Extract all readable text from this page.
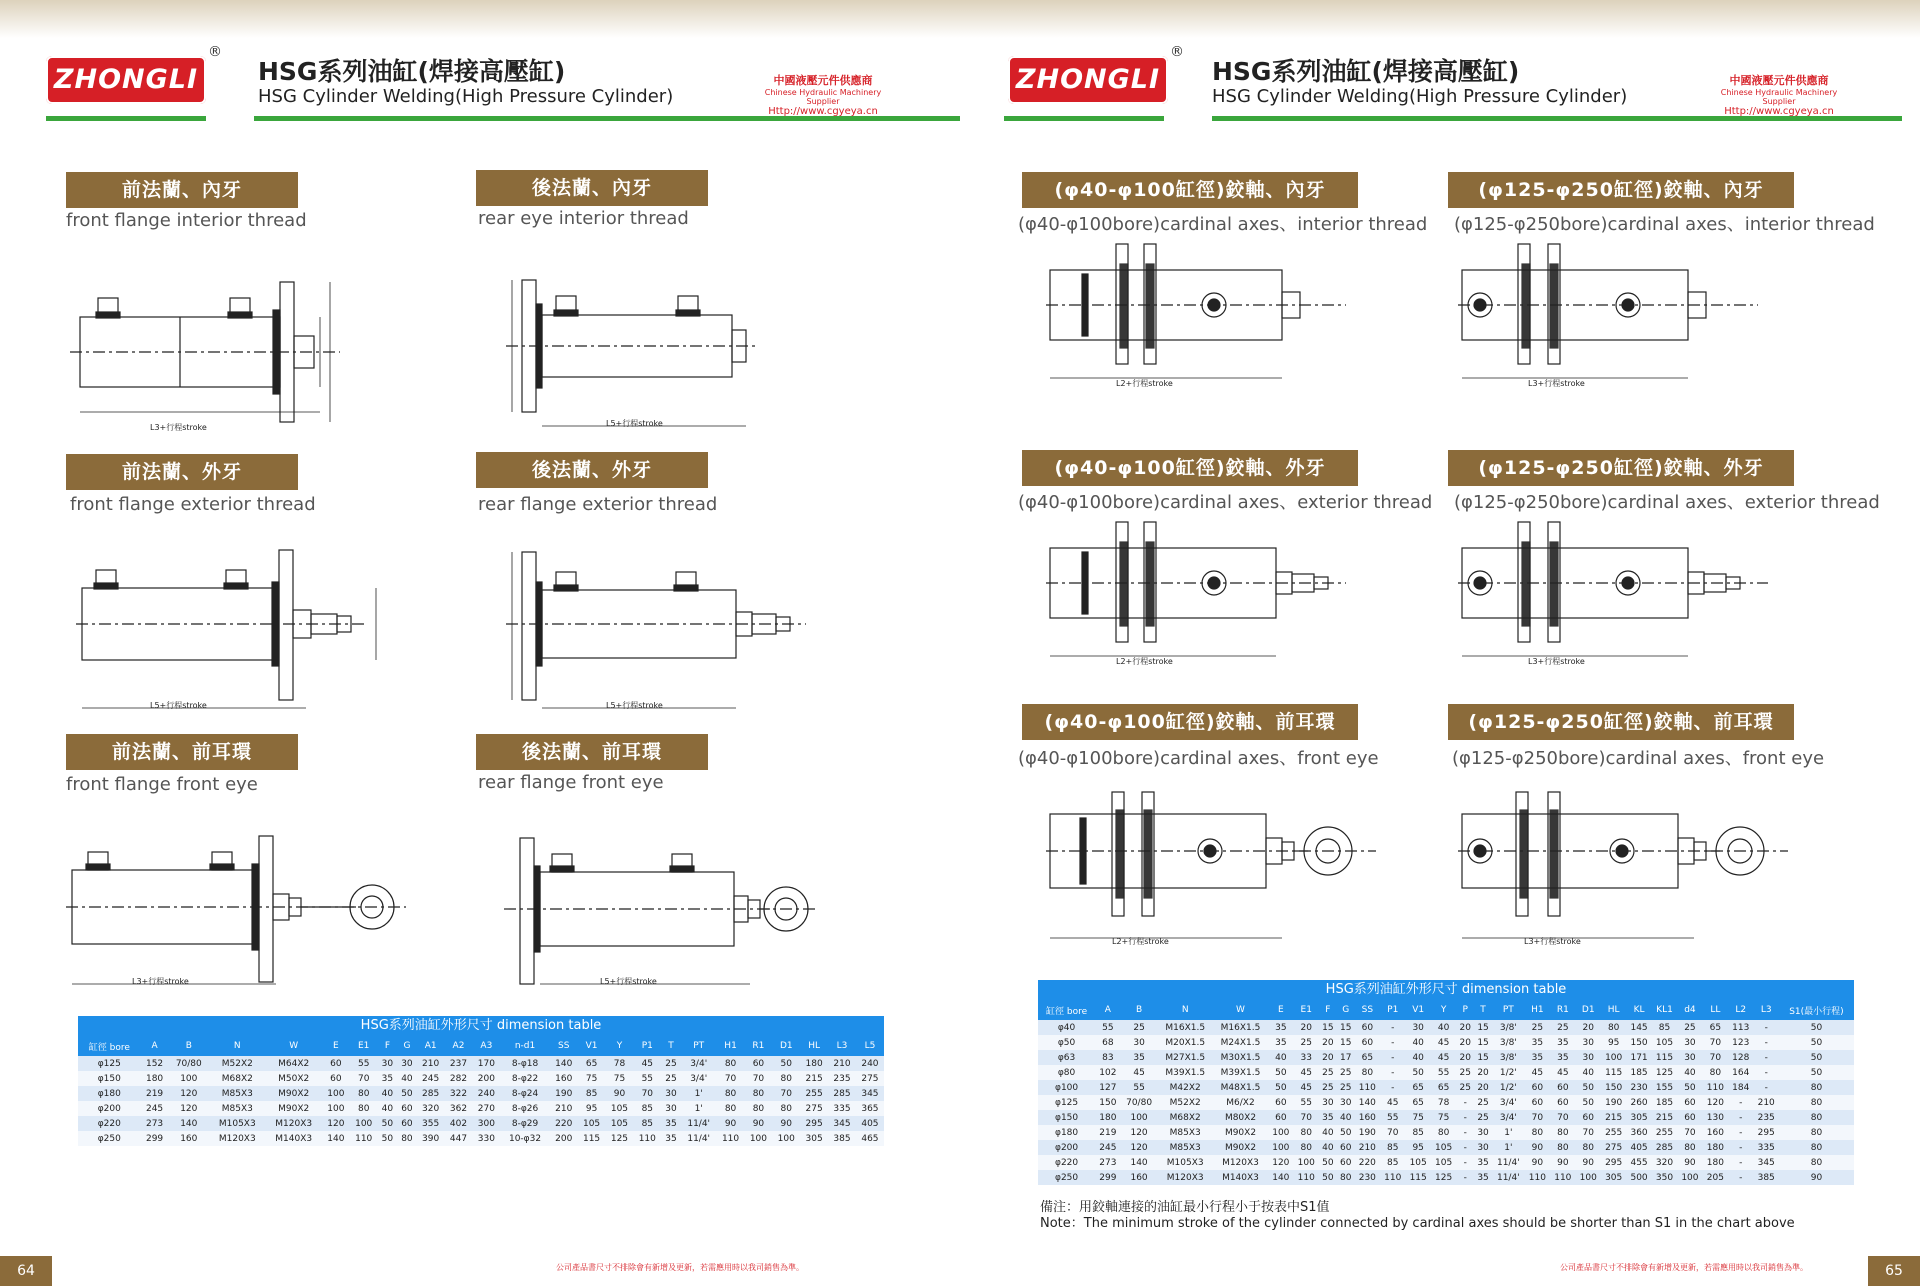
ZHONGLI
®
HSG系列油缸(焊接高壓缸)
HSG Cylinder Welding(High Pressure Cylinder)
中國液壓元件供應商
Chinese Hydraulic Machinery Supplier
Http://www.cgyeya.cn
前法蘭、內牙
front flange interior thread
L3+行程stroke
後法蘭、內牙
rear eye interior thread
L5+行程stroke
前法蘭、外牙
front flange exterior thread
L5+行程stroke
後法蘭、外牙
rear flange exterior thread
L5+行程stroke
前法蘭、前耳環
front flange front eye
L3+行程stroke
後法蘭、前耳環
rear flange front eye
L5+行程stroke
HSG系列油缸外形尺寸 dimension table
缸徑 bore	A	B	N	W	E	E1	F	G	A1	A2	A3	n-d1	SS	V1	Y	P1	T	PT	H1	R1	D1	HL	L3	L5
φ125	152	70/80	M52X2	M64X2	60	55	30	30	210	237	170	8-φ18	140	65	78	45	25	3/4'	80	60	50	180	210	240
φ150	180	100	M68X2	M50X2	60	70	35	40	245	282	200	8-φ22	160	75	75	55	25	3/4'	70	70	80	215	235	275
φ180	219	120	M85X3	M90X2	100	80	40	50	285	322	240	8-φ24	190	85	90	70	30	1'	80	80	70	255	285	345
φ200	245	120	M85X3	M90X2	100	80	40	60	320	362	270	8-φ26	210	95	105	85	30	1'	80	80	80	275	335	365
φ220	273	140	M105X3	M120X3	120	100	50	60	355	402	300	8-φ29	220	105	105	85	35	11/4'	90	90	90	295	345	405
φ250	299	160	M120X3	M140X3	140	110	50	80	390	447	330	10-φ32	200	115	125	110	35	11/4'	110	100	100	305	385	465
公司產品書尺寸不排除會有新增及更新，若需應用時以我司銷售為準。
64
ZHONGLI
®
HSG系列油缸(焊接高壓缸)
HSG Cylinder Welding(High Pressure Cylinder)
中國液壓元件供應商
Chinese Hydraulic Machinery Supplier
Http://www.cgyeya.cn
(φ40-φ100缸徑)鉸軸、內牙
(φ40-φ100bore)cardinal axes、interior thread
(φ125-φ250缸徑)鉸軸、內牙
(φ125-φ250bore)cardinal axes、interior thread
(φ40-φ100缸徑)鉸軸、外牙
(φ40-φ100bore)cardinal axes、exterior thread
(φ125-φ250缸徑)鉸軸、外牙
(φ125-φ250bore)cardinal axes、exterior thread
(φ40-φ100缸徑)鉸軸、前耳環
(φ40-φ100bore)cardinal axes、front eye
(φ125-φ250缸徑)鉸軸、前耳環
(φ125-φ250bore)cardinal axes、front eye
L2+行程stroke	L3+行程stroke
L2+行程stroke	L3+行程stroke
L2+行程stroke	L3+行程stroke
HSG系列油缸外形尺寸 dimension table
缸徑 bore	A	B	N	W	E	E1	F	G	SS	P1	V1	Y	P	T	PT	H1	R1	D1	HL	KL	KL1	d4	LL	L2	L3	S1(最小行程)
φ40	55	25	M16X1.5	M16X1.5	35	20	15	15	60	-	30	40	20	15	3/8'	25	25	20	80	145	85	25	65	113	-	50
φ50	68	30	M20X1.5	M24X1.5	35	25	20	15	60	-	40	45	20	15	3/8'	35	35	30	95	150	105	30	70	123	-	50
φ63	83	35	M27X1.5	M30X1.5	40	33	20	17	65	-	40	45	20	15	3/8'	35	35	30	100	171	115	30	70	128	-	50
φ80	102	45	M39X1.5	M39X1.5	50	45	25	25	80	-	50	55	25	20	1/2'	45	45	40	115	185	125	40	80	164	-	50
φ100	127	55	M42X2	M48X1.5	50	45	25	25	110	-	65	65	25	20	1/2'	60	60	50	150	230	155	50	110	184	-	80
φ125	150	70/80	M52X2	M6/X2	60	55	30	30	140	45	65	78	-	25	3/4'	60	60	50	190	260	185	60	120	-	210	80
φ150	180	100	M68X2	M80X2	60	70	35	40	160	55	75	75	-	25	3/4'	70	70	60	215	305	215	60	130	-	235	80
φ180	219	120	M85X3	M90X2	100	80	40	50	190	70	85	80	-	30	1'	80	80	70	255	360	255	70	160	-	295	80
φ200	245	120	M85X3	M90X2	100	80	40	60	210	85	95	105	-	30	1'	90	80	80	275	405	285	80	180	-	335	80
φ220	273	140	M105X3	M120X3	120	100	50	60	220	85	105	105	-	35	11/4'	90	90	90	295	455	320	90	180	-	345	80
φ250	299	160	M120X3	M140X3	140	110	50	80	230	110	115	125	-	35	11/4'	110	110	100	305	500	350	100	205	-	385	90
備注：用鉸軸連接的油缸最小行程小于按表中S1值
Note：The minimum stroke of the cylinder connected by cardinal axes should be shorter than S1 in the chart above
公司產品書尺寸不排除會有新增及更新，若需應用時以我司銷售為準。	65
